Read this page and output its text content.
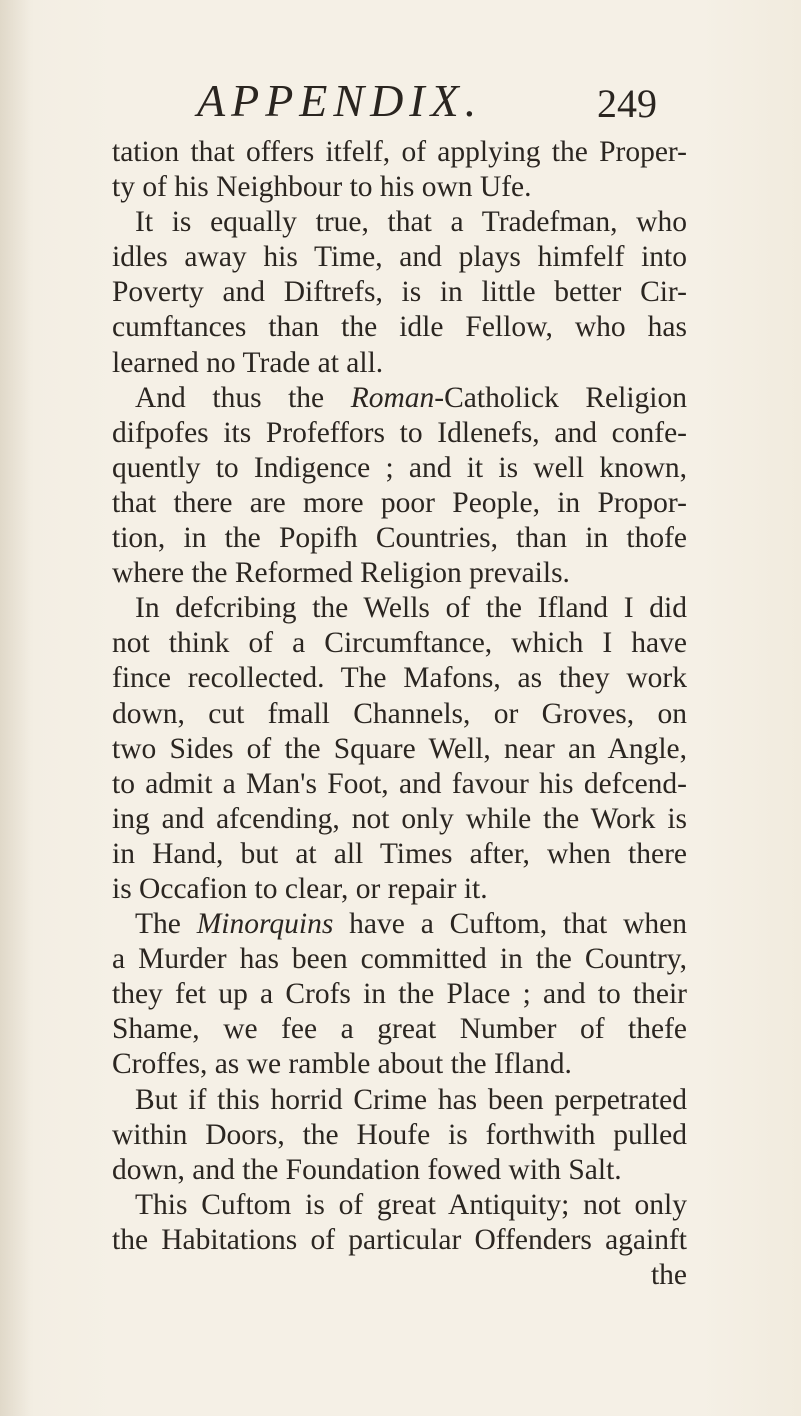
APPENDIX.	249
tation that offers itfelf, of applying the Proper-
ty of his Neighbour to his own Ufe.
It is equally true, that a Tradefman, who
idles away his Time, and plays himfelf into
Poverty and Diftrefs, is in little better Cir-
cumftances than the idle Fellow, who has
learned no Trade at all.
And thus the Roman-Catholick Religion
difpofes its Profeffors to Idlenefs, and confe-
quently to Indigence ; and it is well known,
that there are more poor People, in Propor-
tion, in the Popifh Countries, than in thofe
where the Reformed Religion prevails.
In defcribing the Wells of the Ifland I did
not think of a Circumftance, which I have
fince recollected. The Mafons, as they work
down, cut fmall Channels, or Groves, on
two Sides of the Square Well, near an Angle,
to admit a Man's Foot, and favour his defcend-
ing and afcending, not only while the Work is
in Hand, but at all Times after, when there
is Occafion to clear, or repair it.
The Minorquins have a Cuftom, that when
a Murder has been committed in the Country,
they fet up a Crofs in the Place ; and to their
Shame, we fee a great Number of thefe
Croffes, as we ramble about the Ifland.
But if this horrid Crime has been perpetrated
within Doors, the Houfe is forthwith pulled
down, and the Foundation fowed with Salt.
This Cuftom is of great Antiquity; not only
the Habitations of particular Offenders againft
the
